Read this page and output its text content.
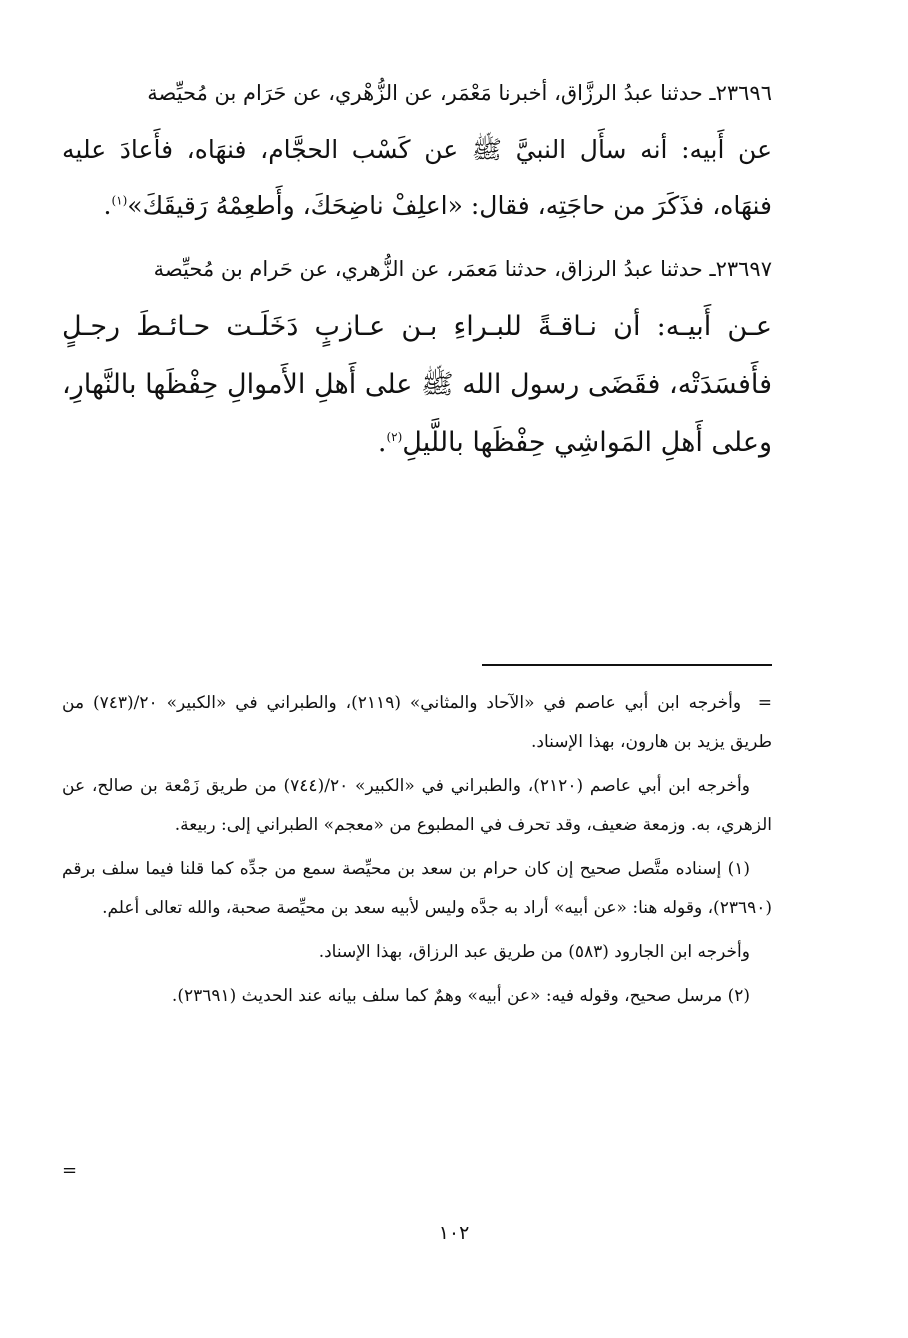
٢٣٦٩٦ـ حدثنا عبدُ الرزَّاق، أخبرنا مَعْمَر، عن الزُّهْري، عن حَرَام بن مُحيِّصة

عن أَبيه: أنه سأَل النبيَّ ﷺ عن كَسْب الحجَّام، فنهَاه، فأَعادَ عليه فنهَاه، فذَكَرَ من حاجَتِه، فقال: «اعلِفْ ناضِحَكَ، وأَطعِمْهُ رَقيقَكَ»$^{(١)}$.

٢٣٦٩٧ـ حدثنا عبدُ الرزاق، حدثنا مَعمَر، عن الزُّهري، عن حَرام بن مُحيِّصة

عـن أَبيـه: أن نـاقـةً للبـراءِ بـن عـازبٍ دَخَلَـت حـائـطَ رجـلٍ فأَفسَدَتْه، فقَضَى رسول الله ﷺ على أَهلِ الأَموالِ حِفْظَها بالنَّهارِ، وعلى أَهلِ المَواشِي حِفْظَها باللَّيلِ$^{(٢)}$.

= وأخرجه ابن أبي عاصم في «الآحاد والمثاني» (٢١١٩)، والطبراني في «الكبير» ٢٠/(٧٤٣) من طريق يزيد بن هارون، بهذا الإسناد.

وأخرجه ابن أبي عاصم (٢١٢٠)، والطبراني في «الكبير» ٢٠/(٧٤٤) من طريق زَمْعة بن صالح، عن الزهري، به. وزمعة ضعيف، وقد تحرف في المطبوع من «معجم» الطبراني إلى: ربيعة.

(١) إسناده متَّصل صحيح إن كان حرام بن سعد بن محيِّصة سمع من جدِّه كما قلنا فيما سلف برقم (٢٣٦٩٠)، وقوله هنا: «عن أبيه» أراد به جدَّه وليس لأبيه سعد بن محيِّصة صحبة، والله تعالى أعلم.

وأخرجه ابن الجارود (٥٨٣) من طريق عبد الرزاق، بهذا الإسناد.

(٢) مرسل صحيح، وقوله فيه: «عن أبيه» وهمٌ كما سلف بيانه عند الحديث (٢٣٦٩١).

=
١٠٢
